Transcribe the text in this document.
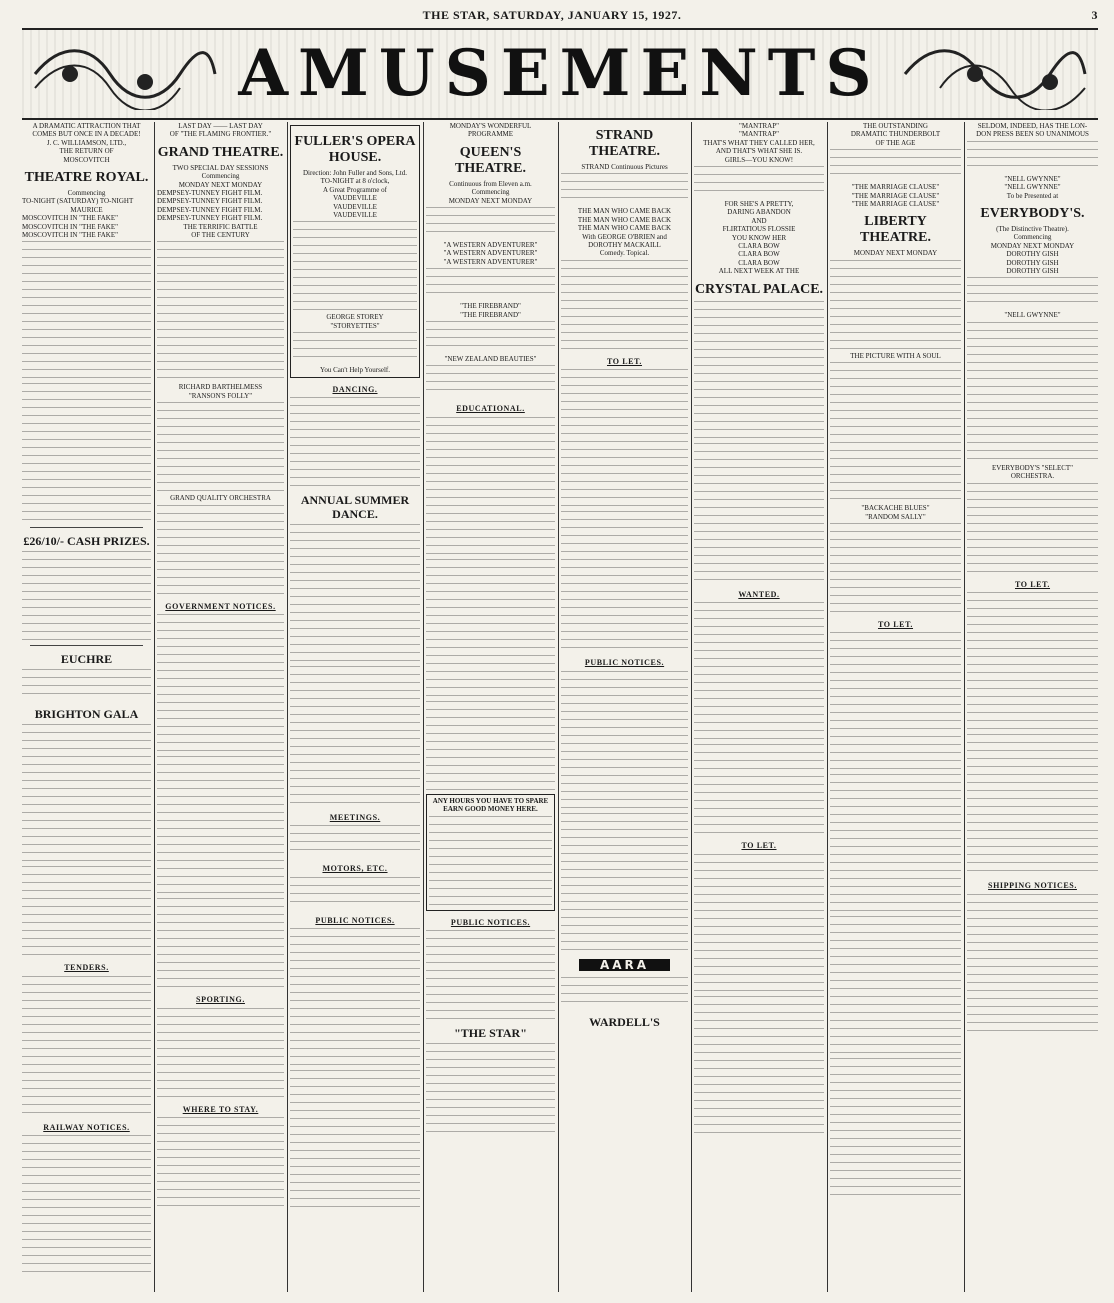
THE STAR, SATURDAY, JANUARY 15, 1927.	3
AMUSEMENTS
A DRAMATIC ATTRACTION THAT
COMES BUT ONCE IN A DECADE!
J. C. WILLIAMSON, LTD.,
THE RETURN OF
MOSCOVITCH
THEATRE ROYAL.
Commencing
TO-NIGHT (SATURDAY) TO-NIGHT
MAURICE
MOSCOVITCH IN "THE FAKE"
MOSCOVITCH IN "THE FAKE"
MOSCOVITCH IN "THE FAKE"
£26/10/- CASH PRIZES.
EUCHRE
BRIGHTON GALA
TENDERS.
RAILWAY NOTICES.
LAST DAY —— LAST DAY
OF "THE FLAMING FRONTIER."
GRAND THEATRE.
TWO SPECIAL DAY SESSIONS
Commencing
MONDAY NEXT MONDAY
DEMPSEY-TUNNEY FIGHT FILM.
DEMPSEY-TUNNEY FIGHT FILM.
DEMPSEY-TUNNEY FIGHT FILM.
DEMPSEY-TUNNEY FIGHT FILM.
THE TERRIFIC BATTLE
OF THE CENTURY
RICHARD BARTHELMESS
"RANSON'S FOLLY"
GRAND QUALITY ORCHESTRA
GOVERNMENT NOTICES.
SPORTING.
WHERE TO STAY.
FULLER'S OPERA HOUSE.
Direction: John Fuller and Sons, Ltd.
TO-NIGHT at 8 o'clock,
A Great Programme of
VAUDEVILLE
VAUDEVILLE
VAUDEVILLE
GEORGE STOREY
"STORYETTES"
You Can't Help Yourself.
DANCING.
ANNUAL SUMMER DANCE.
MEETINGS.
MOTORS, ETC.
PUBLIC NOTICES.
MONDAY'S WONDERFUL
PROGRAMME
QUEEN'S THEATRE.
Continuous from Eleven a.m.
Commencing
MONDAY NEXT MONDAY
"A WESTERN ADVENTURER"
"A WESTERN ADVENTURER"
"A WESTERN ADVENTURER"
"THE FIREBRAND"
"THE FIREBRAND"
"NEW ZEALAND BEAUTIES"
EDUCATIONAL.
ANY HOURS YOU HAVE TO SPARE EARN GOOD MONEY HERE.
PUBLIC NOTICES.
"THE STAR"
STRAND THEATRE.
STRAND Continuous Pictures
THE MAN WHO CAME BACK
THE MAN WHO CAME BACK
THE MAN WHO CAME BACK
With GEORGE O'BRIEN and
DOROTHY MACKAILL
Comedy. Topical.
TO LET.
PUBLIC NOTICES.
AARA
WARDELL'S
"MANTRAP"
"MANTRAP"
THAT'S WHAT THEY CALLED HER,
AND THAT'S WHAT SHE IS.
GIRLS—YOU KNOW!
FOR SHE'S A PRETTY,
DARING ABANDON
AND
FLIRTATIOUS FLOSSIE
YOU KNOW HER
CLARA BOW
CLARA BOW
CLARA BOW
ALL NEXT WEEK AT THE
CRYSTAL PALACE.
WANTED.
TO LET.
THE OUTSTANDING
DRAMATIC THUNDERBOLT
OF THE AGE
"THE MARRIAGE CLAUSE"
"THE MARRIAGE CLAUSE"
"THE MARRIAGE CLAUSE"
LIBERTY THEATRE.
MONDAY NEXT MONDAY
THE PICTURE WITH A SOUL
"BACKACHE BLUES"
"RANDOM SALLY"
TO LET.
SELDOM, INDEED, HAS THE LON-
DON PRESS BEEN SO UNANIMOUS
"NELL GWYNNE"
"NELL GWYNNE"
To be Presented at
EVERYBODY'S.
(The Distinctive Theatre).
Commencing
MONDAY NEXT MONDAY
DOROTHY GISH
DOROTHY GISH
DOROTHY GISH
"NELL GWYNNE"
EVERYBODY'S "SELECT"
ORCHESTRA.
TO LET.
SHIPPING NOTICES.
